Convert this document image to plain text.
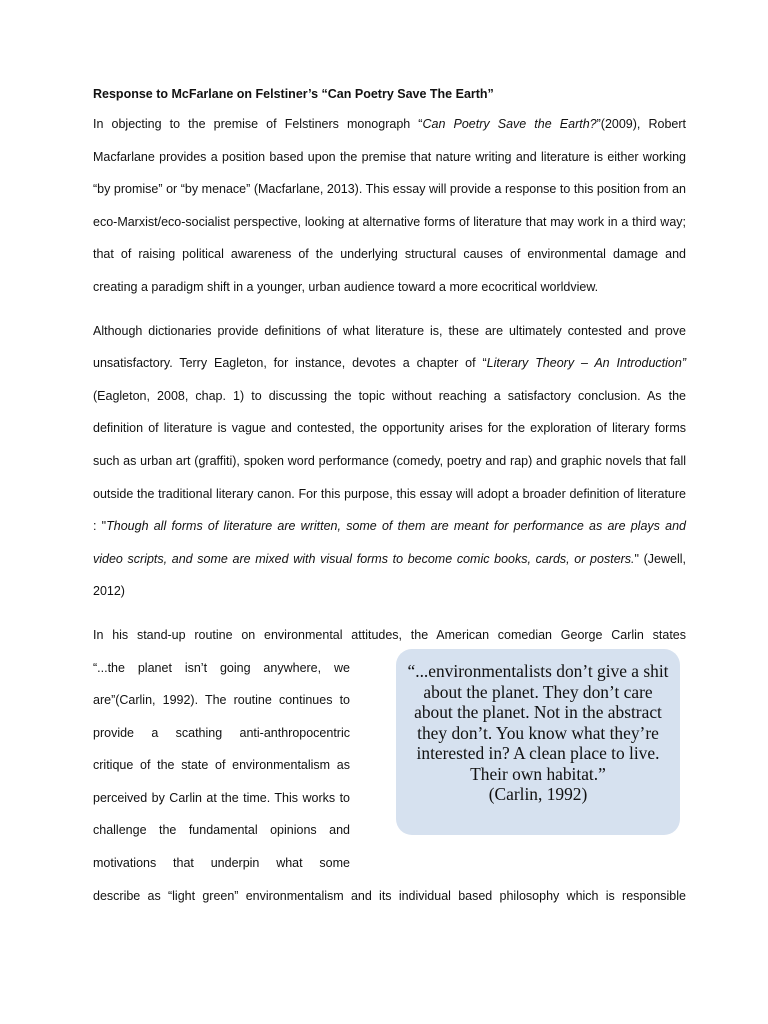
Response to McFarlane on Felstiner’s “Can Poetry Save The Earth”

In objecting to the premise of Felstiners monograph “Can Poetry Save the Earth?”(2009), Robert Macfarlane provides a position based upon the premise that nature writing and literature is either working “by promise” or “by menace” (Macfarlane, 2013). This essay will provide a response to this position from an eco-Marxist/eco-socialist perspective, looking at alternative forms of literature that may work in a third way; that of raising political awareness of the underlying structural causes of environmental damage and creating a paradigm shift in a younger, urban audience toward a more ecocritical worldview.

Although dictionaries provide definitions of what literature is, these are ultimately contested and prove unsatisfactory. Terry Eagleton, for instance, devotes a chapter of “Literary Theory – An Introduction” (Eagleton, 2008, chap. 1) to discussing the topic without reaching a satisfactory conclusion. As the definition of literature is vague and contested, the opportunity arises for the exploration of literary forms such as urban art (graffiti), spoken word performance (comedy, poetry and rap) and graphic novels that fall outside the traditional literary canon. For this purpose, this essay will adopt a broader definition of literature : "Though all forms of literature are written, some of them are meant for performance as are plays and video scripts, and some are mixed with visual forms to become comic books, cards, or posters." (Jewell, 2012)

In his stand-up routine on environmental attitudes, the American comedian George Carlin states

“...the planet isn’t going anywhere, we are”(Carlin, 1992). The routine continues to provide a scathing anti-anthropocentric critique of the state of environmentalism as perceived by Carlin at the time. This works to challenge the fundamental opinions and motivations that underpin what some
describe as “light green” environmentalism and its individual based philosophy which is responsible
“...environmentalists don’t give a shit about the planet. They don’t care about the planet. Not in the abstract they don’t. You know what they’re interested in? A clean place to live. Their own habitat.”
(Carlin, 1992)
